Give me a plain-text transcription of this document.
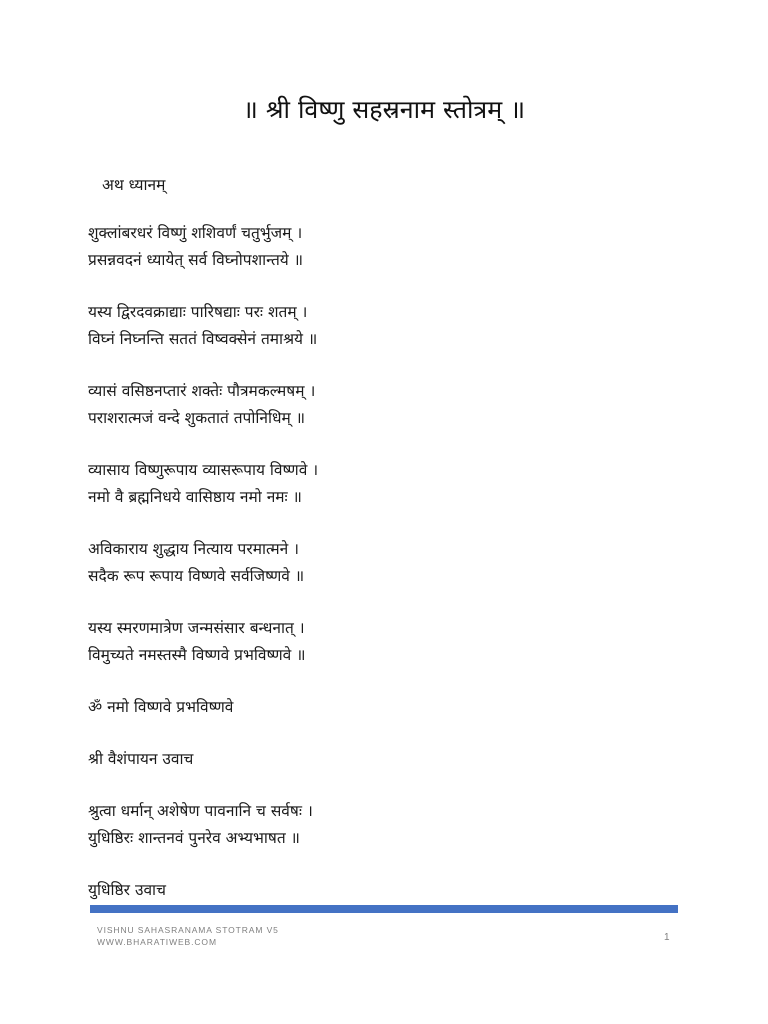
॥ श्री विष्णु सहस्रनाम स्तोत्रम् ॥
अथ ध्यानम्
शुक्लांबरधरं विष्णुं शशिवर्णं चतुर्भुजम् ।
प्रसन्नवदनं ध्यायेत् सर्व विघ्नोपशान्तये ॥
यस्य द्विरदवक्राद्याः पारिषद्याः परः शतम् ।
विघ्नं निघ्नन्ति सततं विष्वक्सेनं तमाश्रये ॥
व्यासं वसिष्ठनप्तारं शक्तेः पौत्रमकल्मषम् ।
पराशरात्मजं वन्दे शुकतातं तपोनिधिम् ॥
व्यासाय विष्णुरूपाय व्यासरूपाय विष्णवे ।
नमो वै ब्रह्मनिधये वासिष्ठाय नमो नमः ॥
अविकाराय शुद्धाय नित्याय परमात्मने ।
सदैक रूप रूपाय विष्णवे सर्वजिष्णवे ॥
यस्य स्मरणमात्रेण जन्मसंसार बन्धनात् ।
विमुच्यते नमस्तस्मै विष्णवे प्रभविष्णवे ॥
ॐ नमो विष्णवे प्रभविष्णवे
श्री वैशंपायन उवाच
श्रुत्वा धर्मान् अशेषेण पावनानि च सर्वषः ।
युधिष्ठिरः शान्तनवं पुनरेव अभ्यभाषत ॥
युधिष्ठिर उवाच
VISHNU SAHASRANAMA STOTRAM V5
WWW.BHARATIWEB.COM	1
